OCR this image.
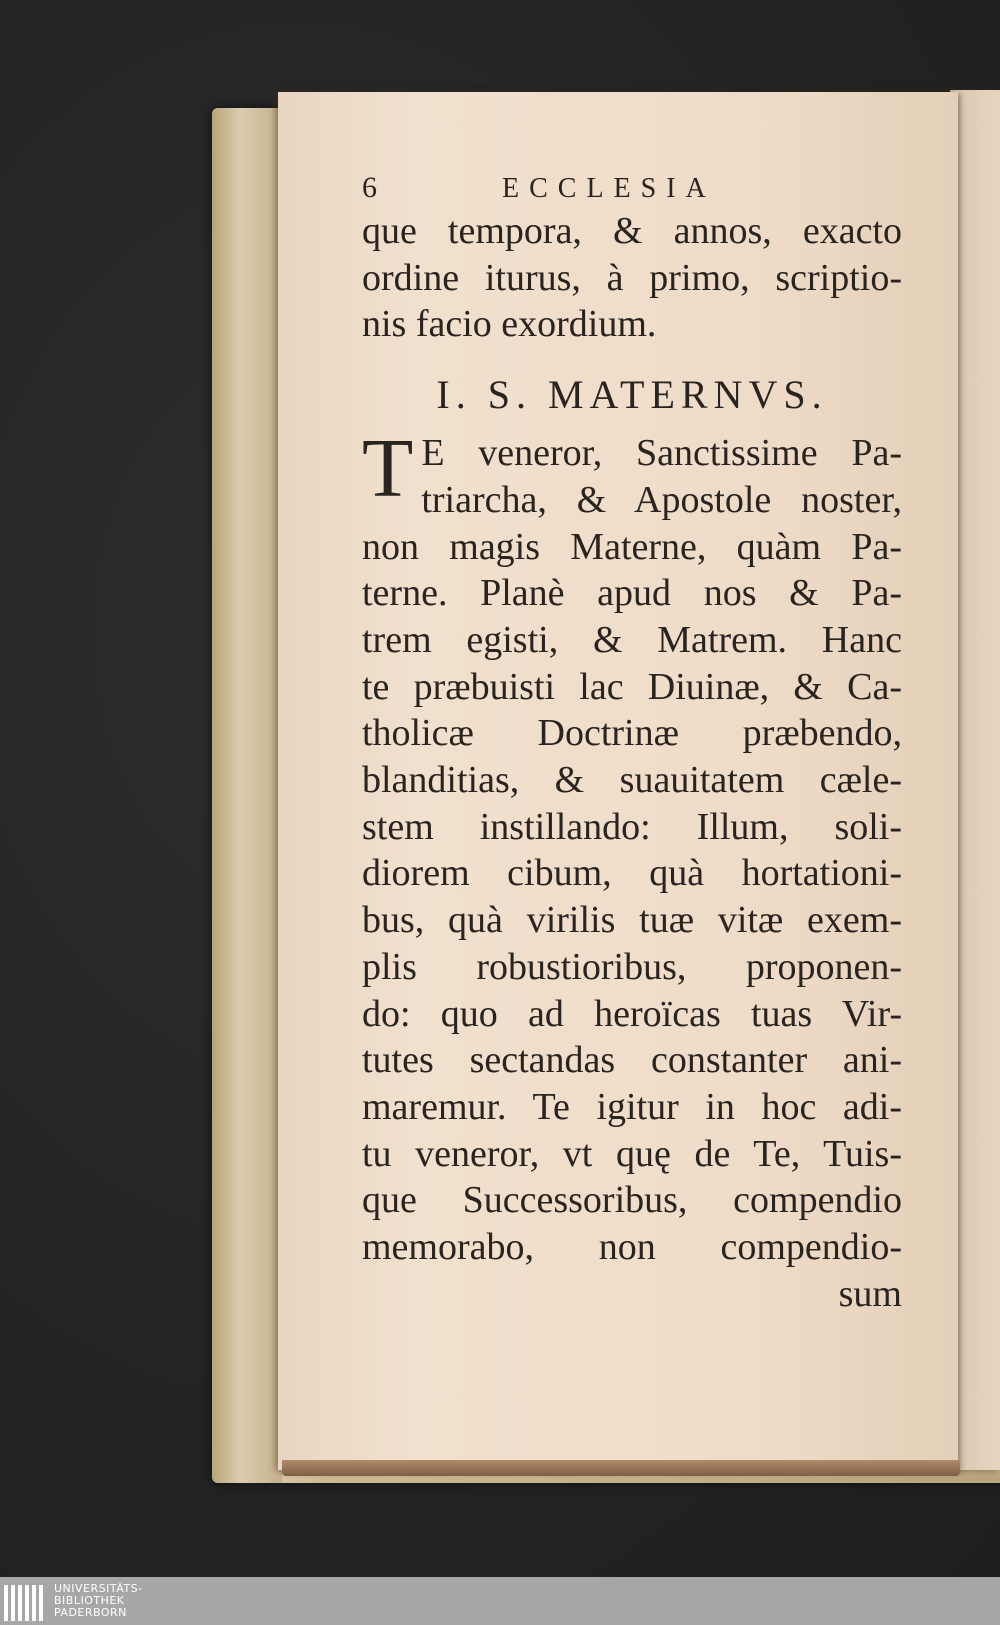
6	ECCLESIA
que tempora, & annos, exacto
ordine iturus, à primo, scriptio-
nis facio exordium.
I. S. MATERNVS.
T E veneror, Sanctissime Pa-
triarcha, & Apostole noster,
non magis Materne, quàm Pa-
terne. Planè apud nos & Pa-
trem egisti, & Matrem. Hanc
te præbuisti lac Diuinæ, & Ca-
tholicæ Doctrinæ præbendo,
blanditias, & suauitatem cæle-
stem instillando: Illum, soli-
diorem cibum, quà hortationi-
bus, quà virilis tuæ vitæ exem-
plis robustioribus, proponen-
do: quo ad heroïcas tuas Vir-
tutes sectandas constanter ani-
maremur. Te igitur in hoc adi-
tu veneror, vt quę de Te, Tuis-
que Successoribus, compendio
memorabo, non compendio-
sum
UNIVERSITÄTS-
BIBLIOTHEK
PADERBORN
